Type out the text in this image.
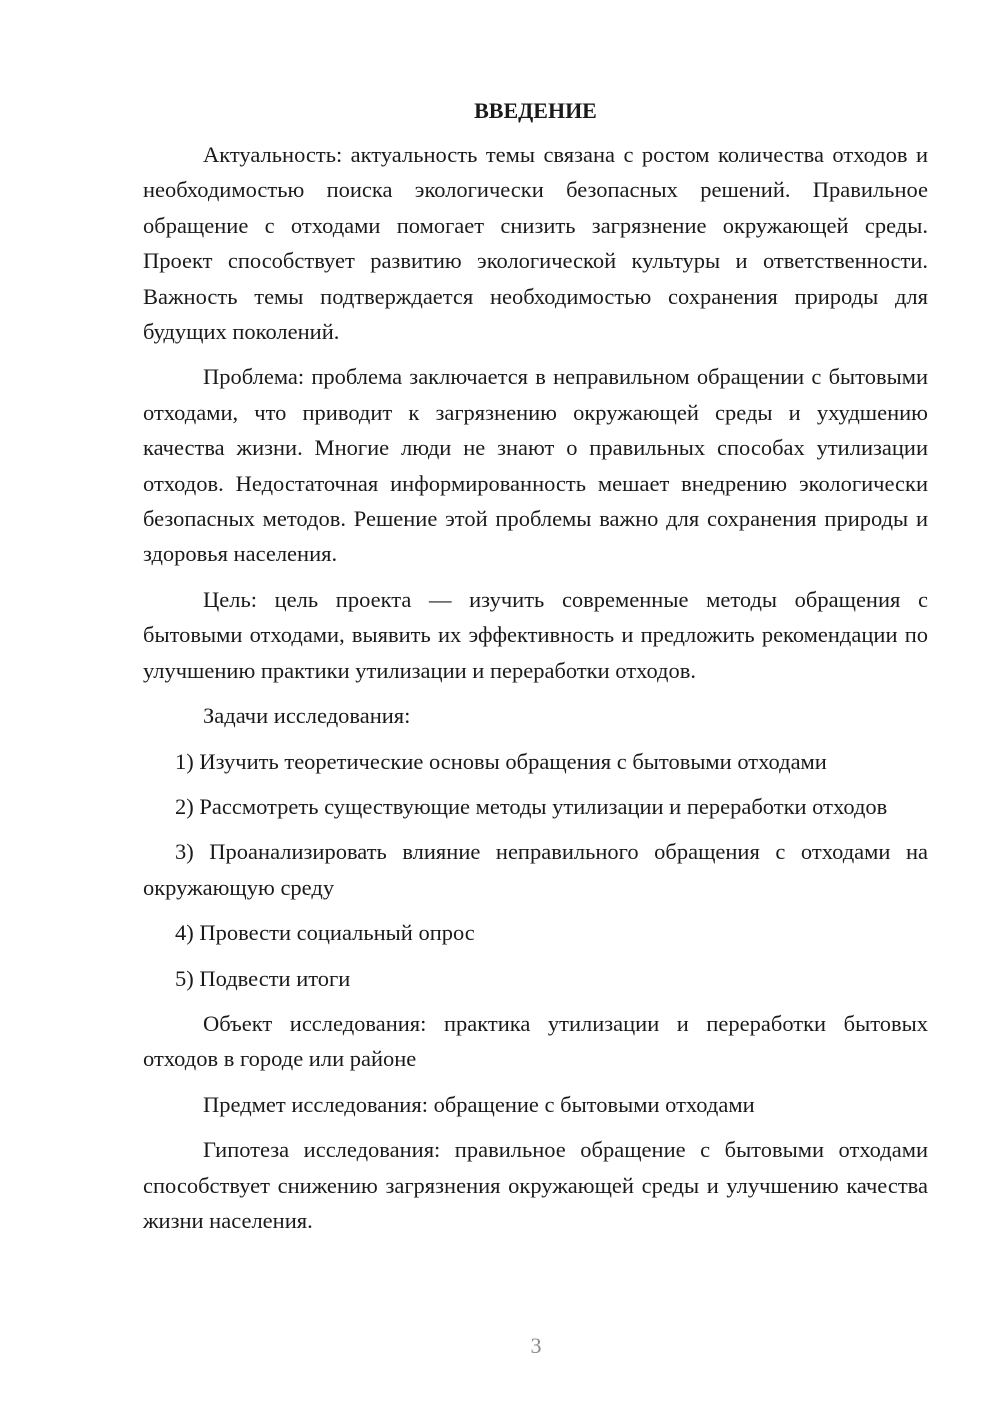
ВВЕДЕНИЕ

Актуальность: актуальность темы связана с ростом количества отходов и необходимостью поиска экологически безопасных решений. Правильное обращение с отходами помогает снизить загрязнение окружающей среды. Проект способствует развитию экологической культуры и ответственности. Важность темы подтверждается необходимостью сохранения природы для будущих поколений.

Проблема: проблема заключается в неправильном обращении с бытовыми отходами, что приводит к загрязнению окружающей среды и ухудшению качества жизни. Многие люди не знают о правильных способах утилизации отходов. Недостаточная информированность мешает внедрению экологически безопасных методов. Решение этой проблемы важно для сохранения природы и здоровья населения.

Цель: цель проекта — изучить современные методы обращения с бытовыми отходами, выявить их эффективность и предложить рекомендации по улучшению практики утилизации и переработки отходов.

Задачи исследования:

1) Изучить теоретические основы обращения с бытовыми отходами

2) Рассмотреть существующие методы утилизации и переработки отходов

3) Проанализировать влияние неправильного обращения с отходами на окружающую среду

4) Провести социальный опрос

5) Подвести итоги

Объект исследования: практика утилизации и переработки бытовых отходов в городе или районе

Предмет исследования: обращение с бытовыми отходами

Гипотеза исследования: правильное обращение с бытовыми отходами способствует снижению загрязнения окружающей среды и улучшению качества жизни населения.

3
